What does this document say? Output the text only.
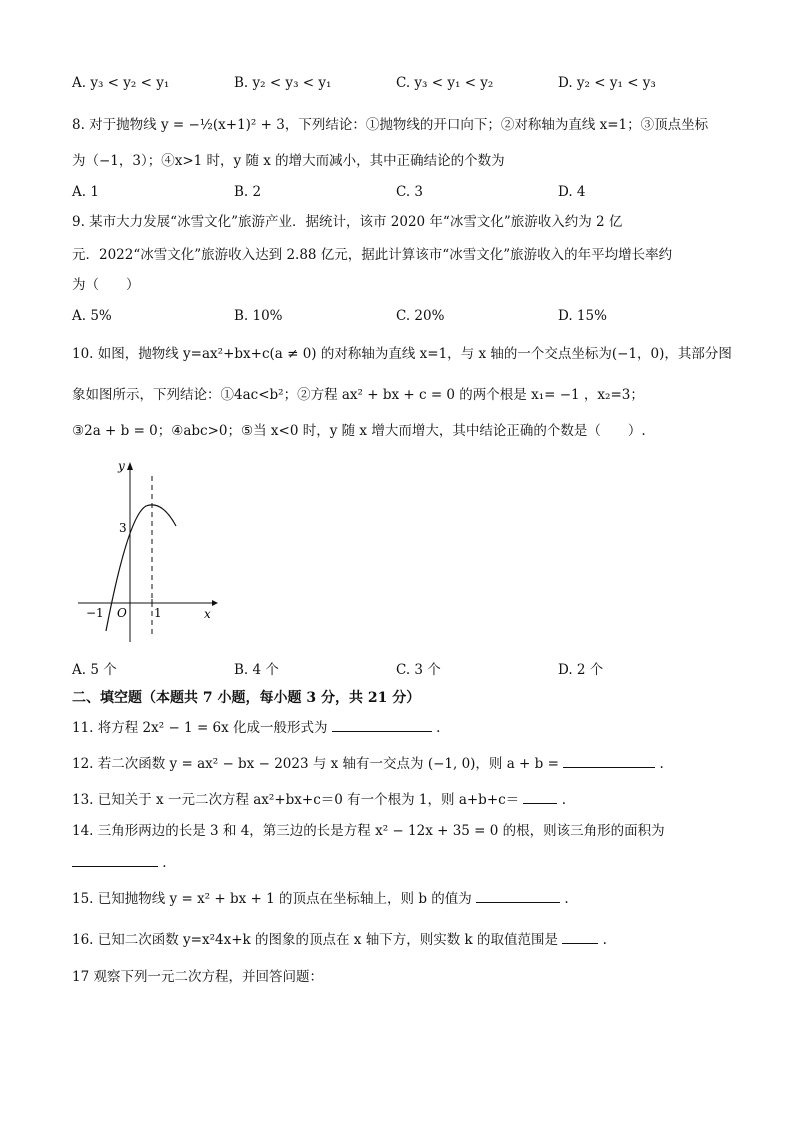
A. y₃ < y₂ < y₁	B. y₂ < y₃ < y₁	C. y₃ < y₁ < y₂	D. y₂ < y₁ < y₃
8. 对于抛物线 y = −½(x+1)² + 3，下列结论：①抛物线的开口向下；②对称轴为直线 x=1；③顶点坐标
为（−1，3）；④x>1 时，y 随 x 的增大而减小，其中正确结论的个数为
A. 1	B. 2	C. 3	D. 4
9. 某市大力发展“冰雪文化”旅游产业．据统计，该市 2020 年“冰雪文化”旅游收入约为 2 亿
元．2022“冰雪文化”旅游收入达到 2.88 亿元，据此计算该市“冰雪文化”旅游收入的年平均增长率约
为（　　）
A. 5%	B. 10%	C. 20%	D. 15%
10. 如图，抛物线 y=ax²+bx+c(a ≠ 0) 的对称轴为直线 x=1，与 x 轴的一个交点坐标为(−1，0)，其部分图
象如图所示，下列结论：①4ac<b²；②方程 ax² + bx + c = 0 的两个根是 x₁= −1 ，x₂=3；
③2a + b = 0；④abc>0；⑤当 x<0 时，y 随 x 增大而增大，其中结论正确的个数是（　　）.
y
x
O
−1	1
3
A. 5 个	B. 4 个	C. 3 个	D. 2 个
二、填空题（本题共 7 小题，每小题 3 分，共 21 分）
11. 将方程 2x² − 1 = 6x 化成一般形式为	.
12. 若二次函数 y = ax² − bx − 2023 与 x 轴有一交点为 (−1, 0)，则 a + b =	.
13. 已知关于 x 一元二次方程 ax²+bx+c＝0 有一个根为 1，则 a+b+c＝	.
14. 三角形两边的长是 3 和 4，第三边的长是方程 x² − 12x + 35 = 0 的根，则该三角形的面积为
.
15. 已知抛物线 y = x² + bx + 1 的顶点在坐标轴上，则 b 的值为	.
16. 已知二次函数 y=x²4x+k 的图象的顶点在 x 轴下方，则实数 k 的取值范围是	.
17 观察下列一元二次方程，并回答问题：
